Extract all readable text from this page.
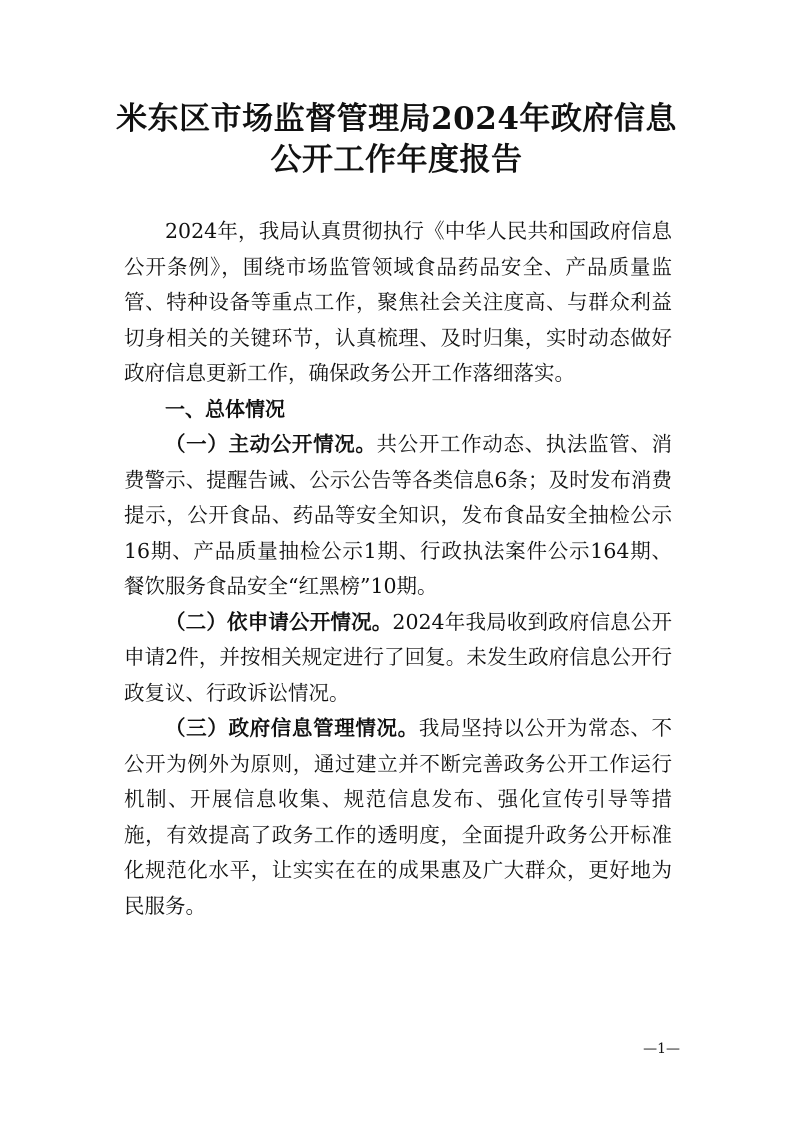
米东区市场监督管理局2024年政府信息
公开工作年度报告

2024年，我局认真贯彻执行《中华人民共和国政府信息公开条例》，围绕市场监管领域食品药品安全、产品质量监管、特种设备等重点工作，聚焦社会关注度高、与群众利益切身相关的关键环节，认真梳理、及时归集，实时动态做好政府信息更新工作，确保政务公开工作落细落实。

一、总体情况

（一）主动公开情况。共公开工作动态、执法监管、消费警示、提醒告诫、公示公告等各类信息6条；及时发布消费提示，公开食品、药品等安全知识，发布食品安全抽检公示16期、产品质量抽检公示1期、行政执法案件公示164期、餐饮服务食品安全“红黑榜”10期。

（二）依申请公开情况。2024年我局收到政府信息公开申请2件，并按相关规定进行了回复。未发生政府信息公开行政复议、行政诉讼情况。

（三）政府信息管理情况。我局坚持以公开为常态、不公开为例外为原则，通过建立并不断完善政务公开工作运行机制、开展信息收集、规范信息发布、强化宣传引导等措施，有效提高了政务工作的透明度，全面提升政务公开标准化规范化水平，让实实在在的成果惠及广大群众，更好地为民服务。

—1—
